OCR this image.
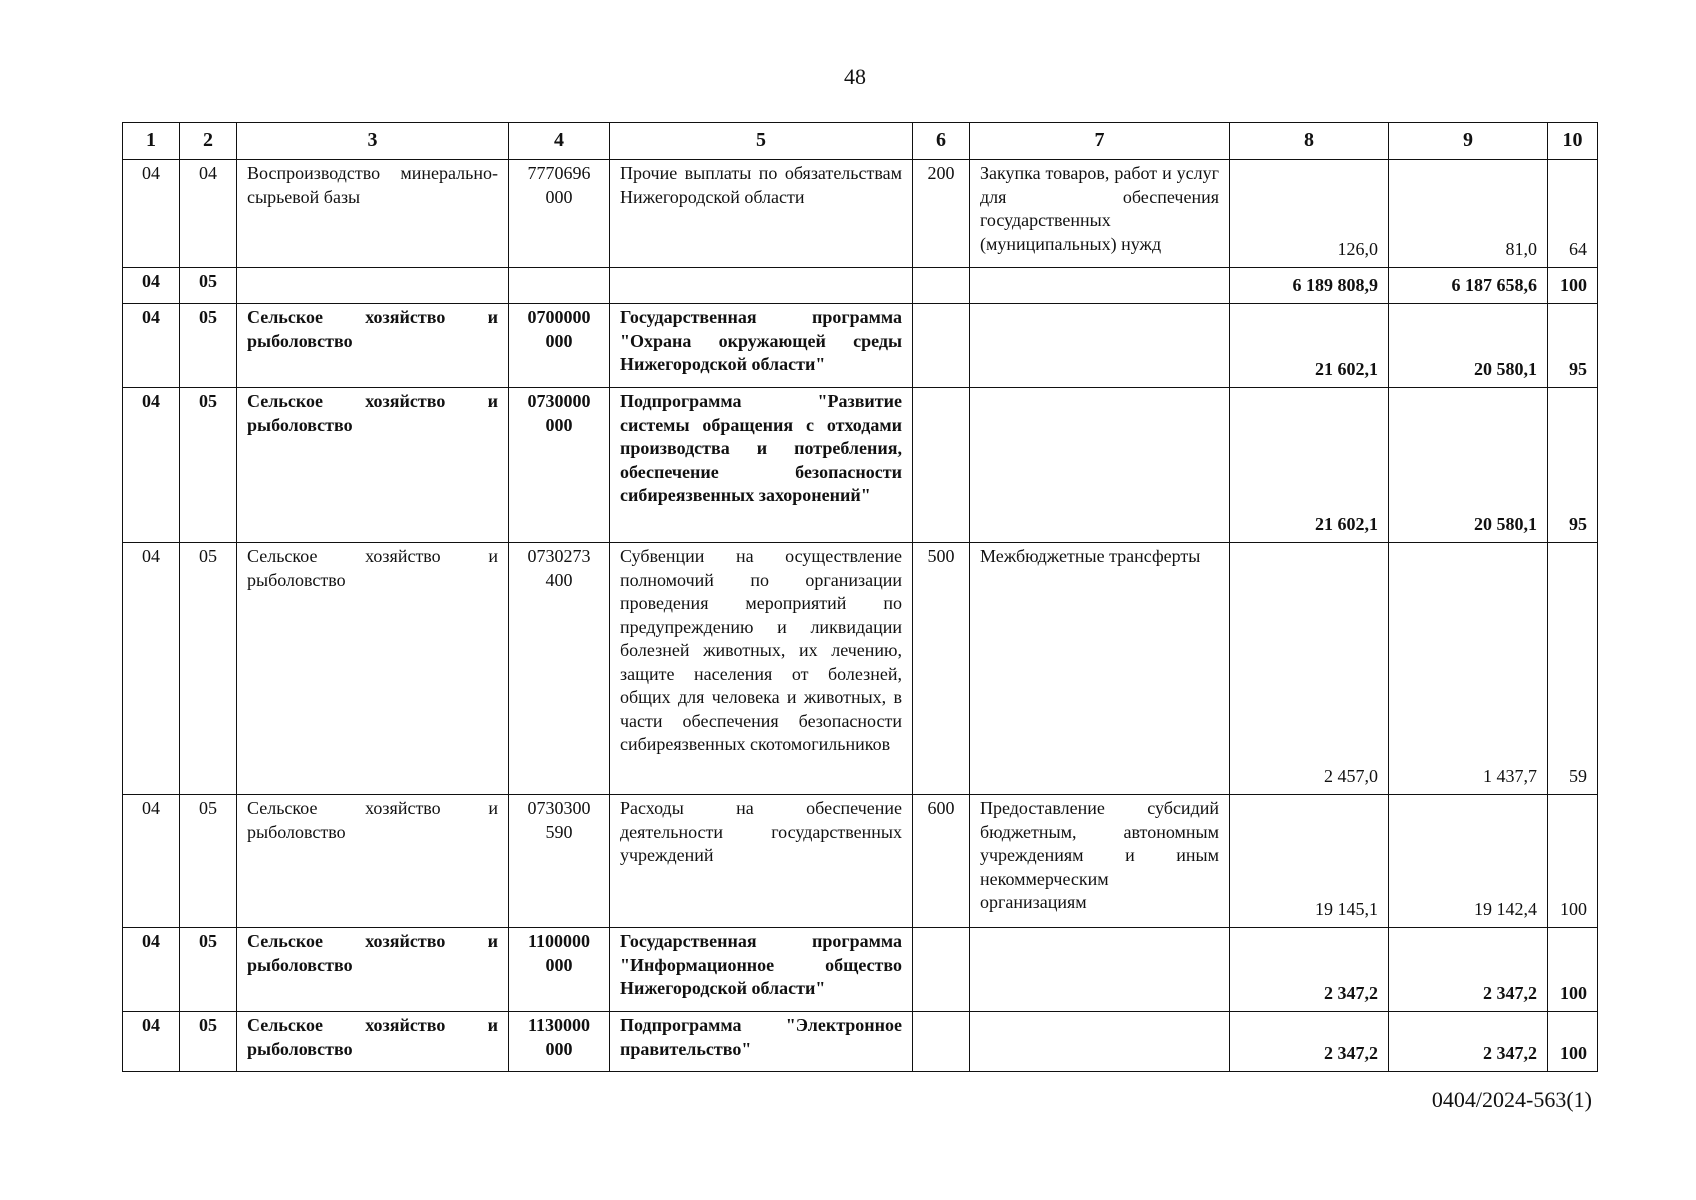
48
1	2	3	4	5	6	7	8	9	10
04	04	Воспроизводство минерально-сырьевой базы	7770696 000	Прочие выплаты по обязательствам Нижегородской области	200	Закупка товаров, работ и услуг для обеспечения государственных (муниципальных) нужд	126,0	81,0	64
04	05						6 189 808,9	6 187 658,6	100
04	05	Сельское хозяйство и рыболовство	0700000 000	Государственная программа "Охрана окружающей среды Нижегородской области"			21 602,1	20 580,1	95
04	05	Сельское хозяйство и рыболовство	0730000 000	Подпрограмма "Развитие системы обращения с отходами производства и потребления, обеспечение безопасности сибиреязвенных захоронений"			21 602,1	20 580,1	95
04	05	Сельское хозяйство и рыболовство	0730273 400	Субвенции на осуществление полномочий по организации проведения мероприятий по предупреждению и ликвидации болезней животных, их лечению, защите населения от болезней, общих для человека и животных, в части обеспечения безопасности сибиреязвенных скотомогильников	500	Межбюджетные трансферты	2 457,0	1 437,7	59
04	05	Сельское хозяйство и рыболовство	0730300 590	Расходы на обеспечение деятельности государственных учреждений	600	Предоставление субсидий бюджетным, автономным учреждениям и иным некоммерческим организациям	19 145,1	19 142,4	100
04	05	Сельское хозяйство и рыболовство	1100000 000	Государственная программа "Информационное общество Нижегородской области"			2 347,2	2 347,2	100
04	05	Сельское хозяйство и рыболовство	1130000 000	Подпрограмма "Электронное правительство"			2 347,2	2 347,2	100
0404/2024-563(1)
